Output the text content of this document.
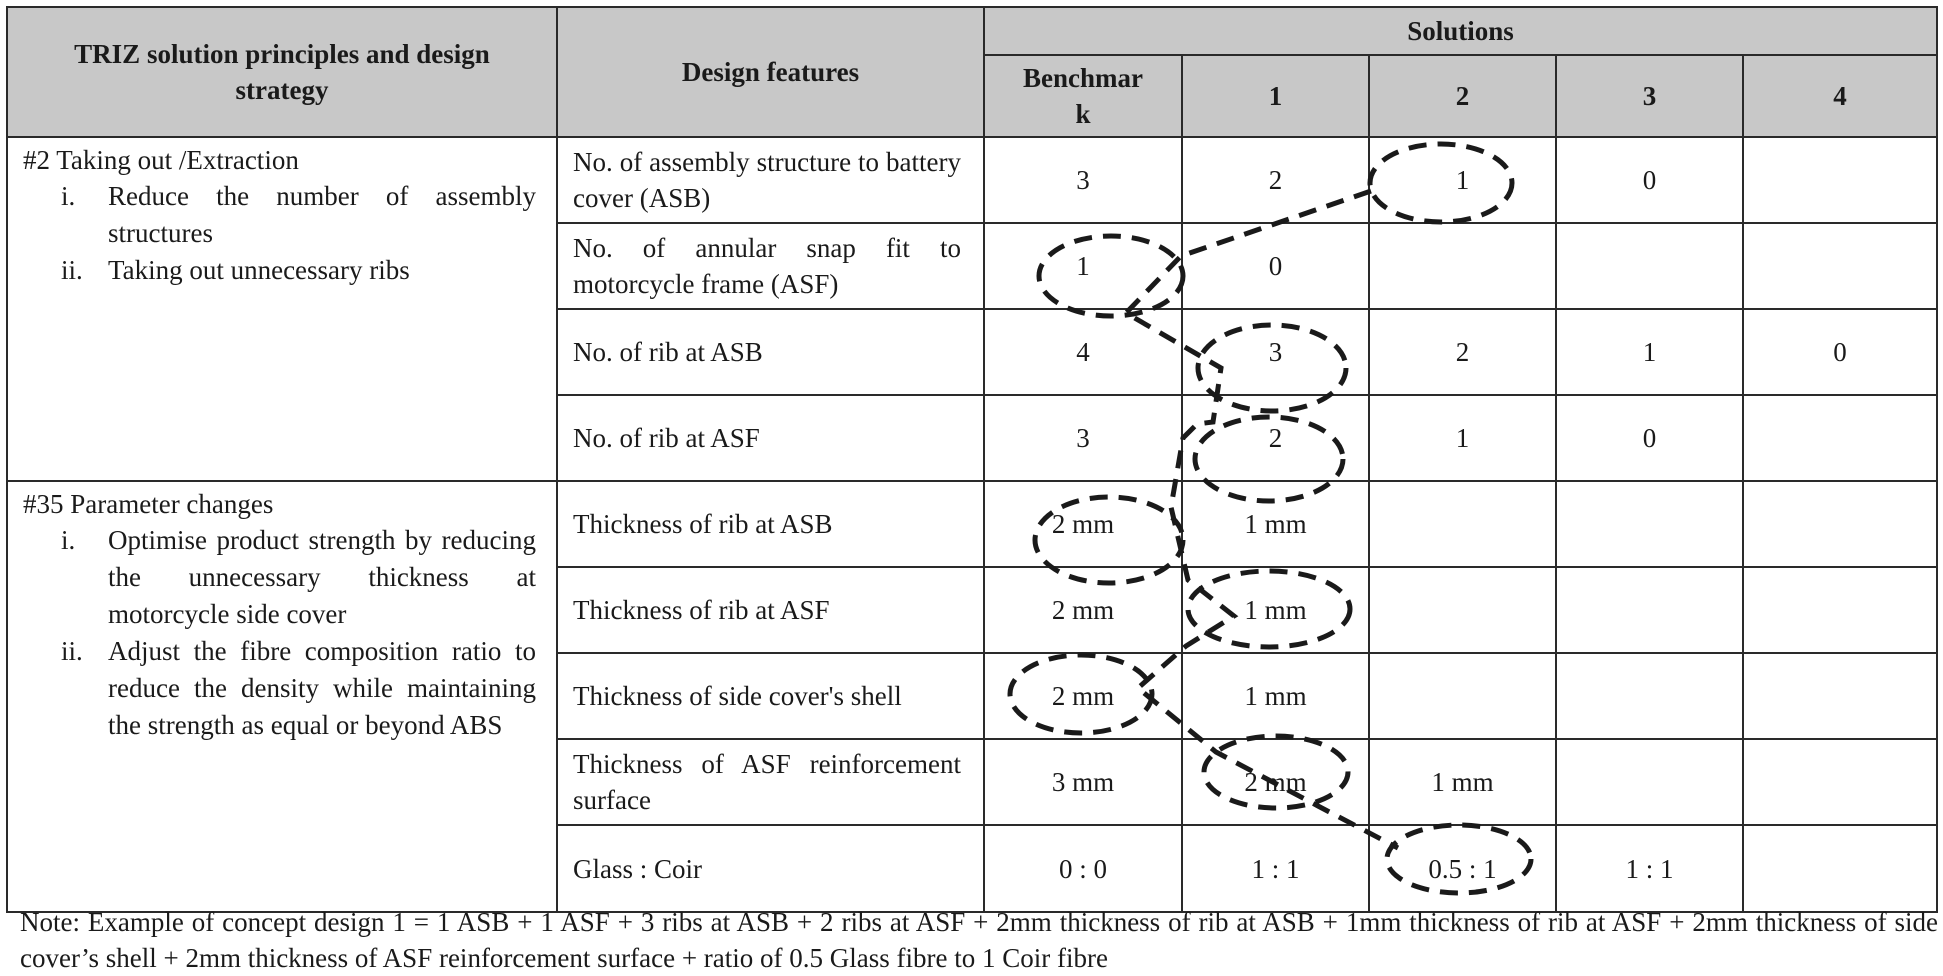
TRIZ solution principles and design strategy	Design features	Solutions				
		Benchmar k	1	2	3	4

#2 Taking out /Extraction
i. Reduce the number of assembly structures
ii. Taking out unnecessary ribs	No. of assembly structure to battery cover (ASB)	3	2	1	0	
	No. of annular snap fit to motorcycle frame (ASF)	1	0			
	No. of rib at ASB	4	3	2	1	0
	No. of rib at ASF	3	2	1	0	

#35 Parameter changes
i. Optimise product strength by reducing the unnecessary thickness at motorcycle side cover
ii. Adjust the fibre composition ratio to reduce the density while maintaining the strength as equal or beyond ABS	Thickness of rib at ASB	2 mm	1 mm			
	Thickness of rib at ASF	2 mm	1 mm			
	Thickness of side cover's shell	2 mm	1 mm			
	Thickness of ASF reinforcement surface	3 mm	2 mm	1 mm		
	Glass : Coir	0 : 0	1 : 1	0.5 : 1	1 : 1	
Note: Example of concept design 1 = 1 ASB + 1 ASF + 3 ribs at ASB + 2 ribs at ASF + 2mm thickness of rib at ASB + 1mm thickness of rib at ASF + 2mm thickness of side cover’s shell + 2mm thickness of ASF reinforcement surface + ratio of 0.5 Glass fibre to 1 Coir fibre
